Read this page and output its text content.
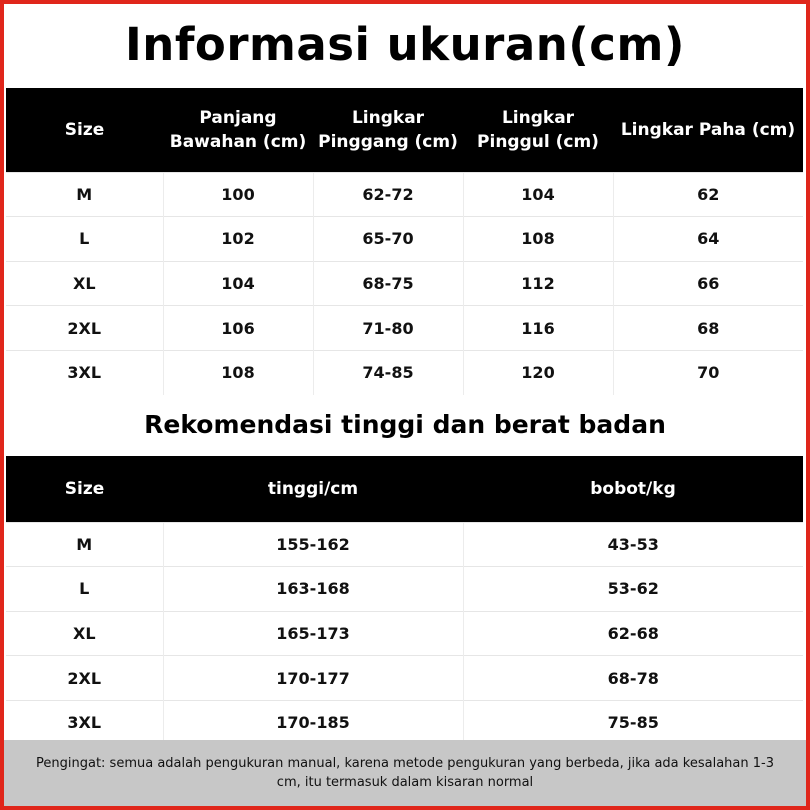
Informasi ukuran(cm)
Size	Panjang Bawahan (cm)	Lingkar Pinggang (cm)	Lingkar Pinggul (cm)	Lingkar Paha (cm)
M	100	62-72	104	62
L	102	65-70	108	64
XL	104	68-75	112	66
2XL	106	71-80	116	68
3XL	108	74-85	120	70
Rekomendasi tinggi dan berat badan
Size	tinggi/cm	bobot/kg
M	155-162	43-53
L	163-168	53-62
XL	165-173	62-68
2XL	170-177	68-78
3XL	170-185	75-85
Pengingat: semua adalah pengukuran manual, karena metode pengukuran yang berbeda, jika ada kesalahan 1-3 cm, itu termasuk dalam kisaran normal
